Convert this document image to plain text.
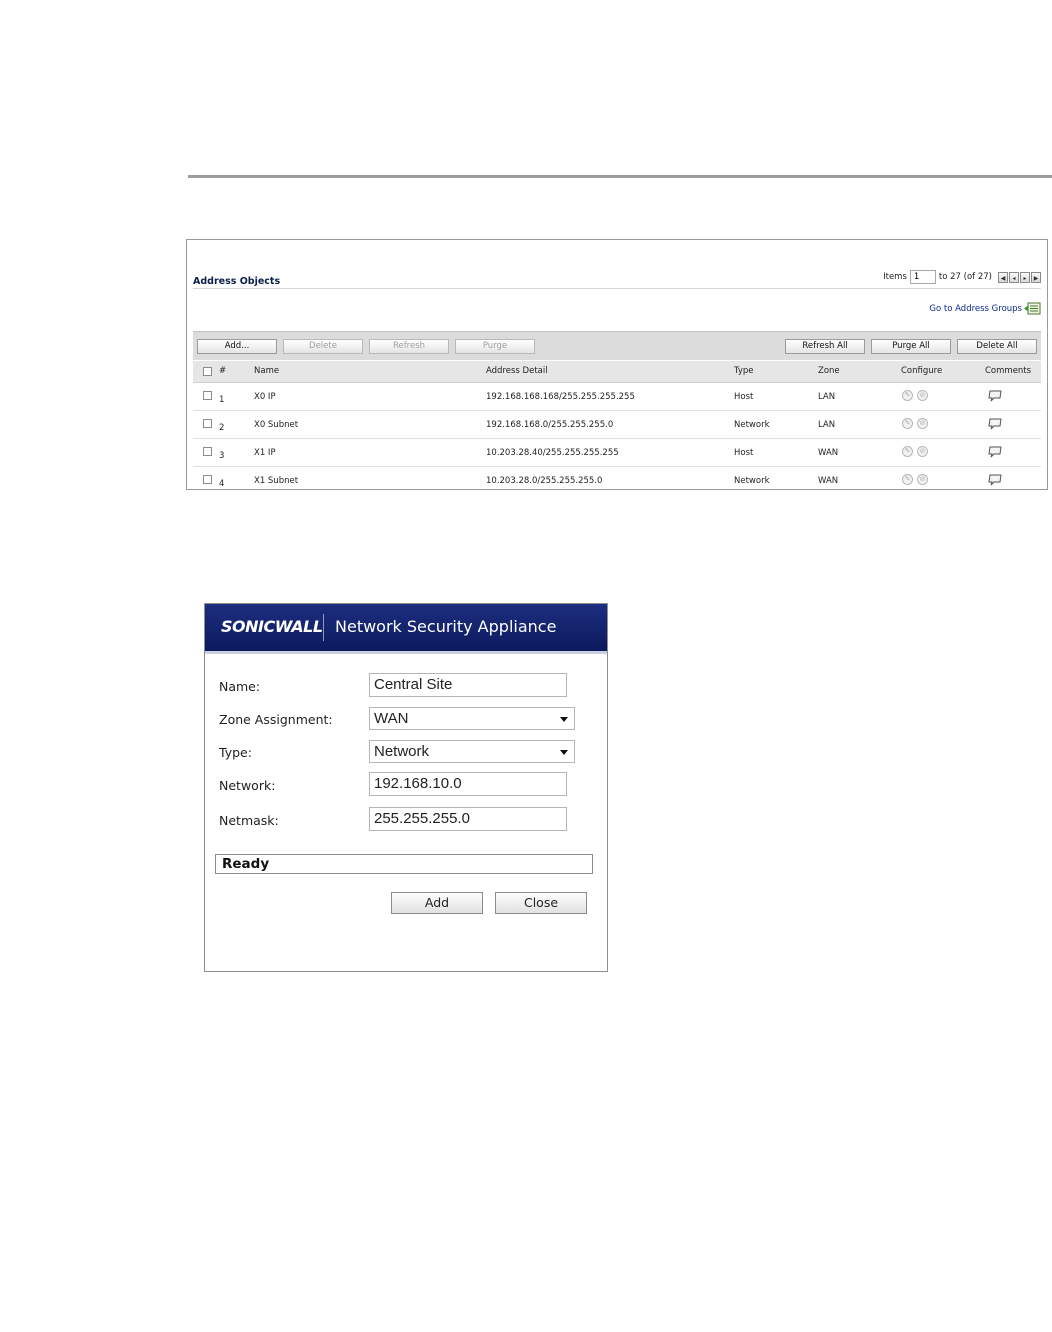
Address Objects	Items
1	to 27 (of 27)	◀	◂	▸	▶
Go to Address Groups
Add...	Delete	Refresh	Purge	Refresh All	Purge All	Delete All
#	Name	Address Detail	Type	Zone	Configure	Comments
1	X0 IP	192.168.168.168/255.255.255.255	Host	LAN	✎	⊘
2	X0 Subnet	192.168.168.0/255.255.255.0	Network	LAN	✎	⊘
3	X1 IP	10.203.28.40/255.255.255.255	Host	WAN	✎	⊘
4	X1 Subnet	10.203.28.0/255.255.255.0	Network	WAN	✎	⊘
SONICWALL Network Security Appliance
Name:	Central Site
Zone Assignment:	WAN
Type:	Network
Network:	192.168.10.0
Netmask:	255.255.255.0
Ready
Add	Close
